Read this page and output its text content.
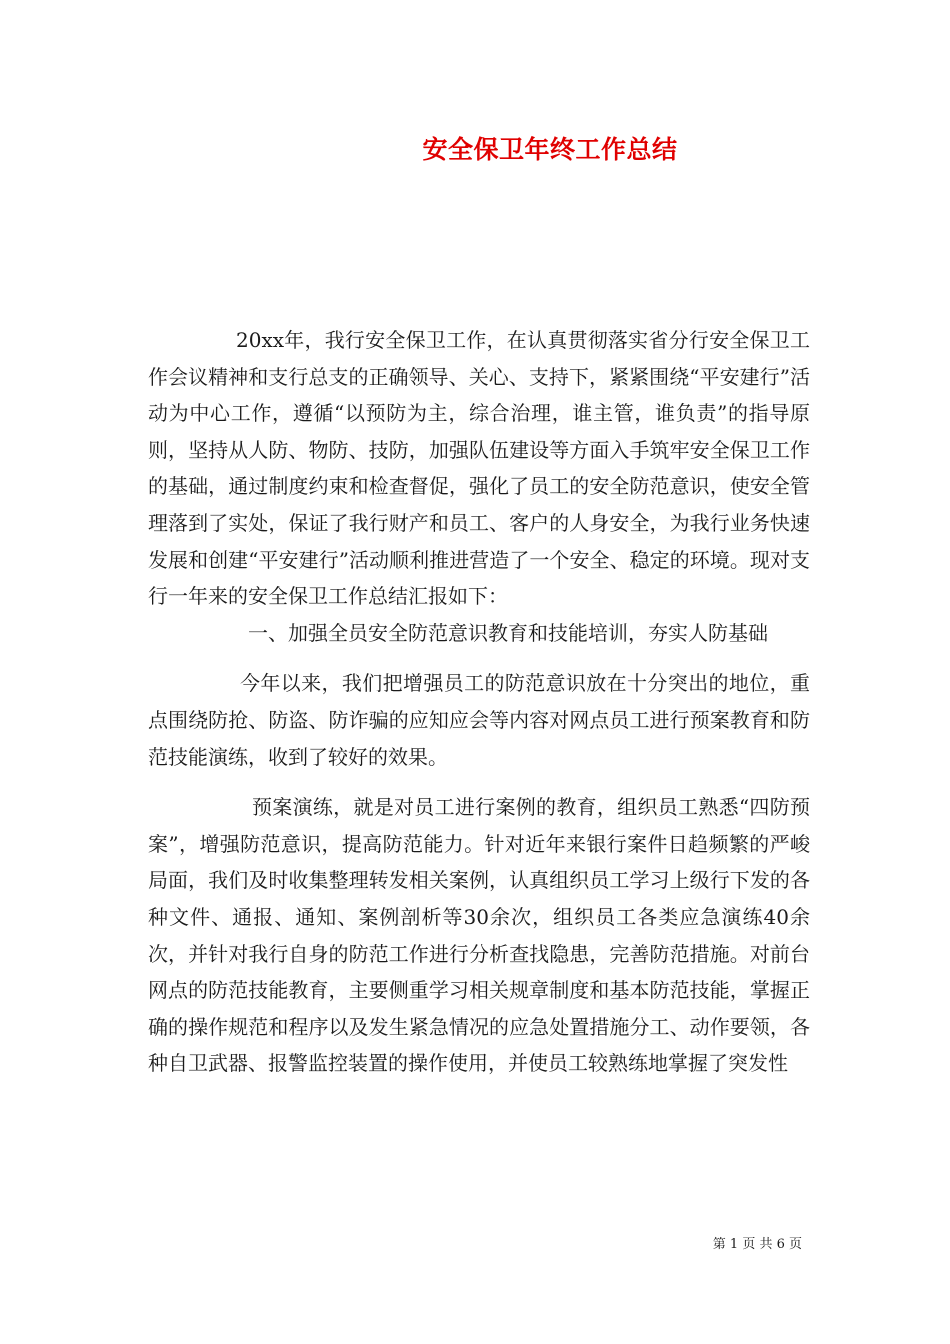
安全保卫年终工作总结

20xx年，我行安全保卫工作，在认真贯彻落实省分行安全保卫工作会议精神和支行总支的正确领导、关心、支持下，紧紧围绕“平安建行”活动为中心工作，遵循“以预防为主，综合治理，谁主管，谁负责”的指导原则，坚持从人防、物防、技防，加强队伍建设等方面入手筑牢安全保卫工作的基础，通过制度约束和检查督促，强化了员工的安全防范意识，使安全管理落到了实处，保证了我行财产和员工、客户的人身安全，为我行业务快速发展和创建“平安建行”活动顺利推进营造了一个安全、稳定的环境。现对支行一年来的安全保卫工作总结汇报如下：

一、加强全员安全防范意识教育和技能培训，夯实人防基础

今年以来，我们把增强员工的防范意识放在十分突出的地位，重点围绕防抢、防盗、防诈骗的应知应会等内容对网点员工进行预案教育和防范技能演练，收到了较好的效果。

预案演练，就是对员工进行案例的教育，组织员工熟悉“四防预案”，增强防范意识，提高防范能力。针对近年来银行案件日趋频繁的严峻局面，我们及时收集整理转发相关案例，认真组织员工学习上级行下发的各种文件、通报、通知、案例剖析等30余次，组织员工各类应急演练40余次，并针对我行自身的防范工作进行分析查找隐患，完善防范措施。对前台网点的防范技能教育，主要侧重学习相关规章制度和基本防范技能，掌握正确的操作规范和程序以及发生紧急情况的应急处置措施分工、动作要领，各种自卫武器、报警监控装置的操作使用，并使员工较熟练地掌握了突发性

第 1 页 共 6 页
